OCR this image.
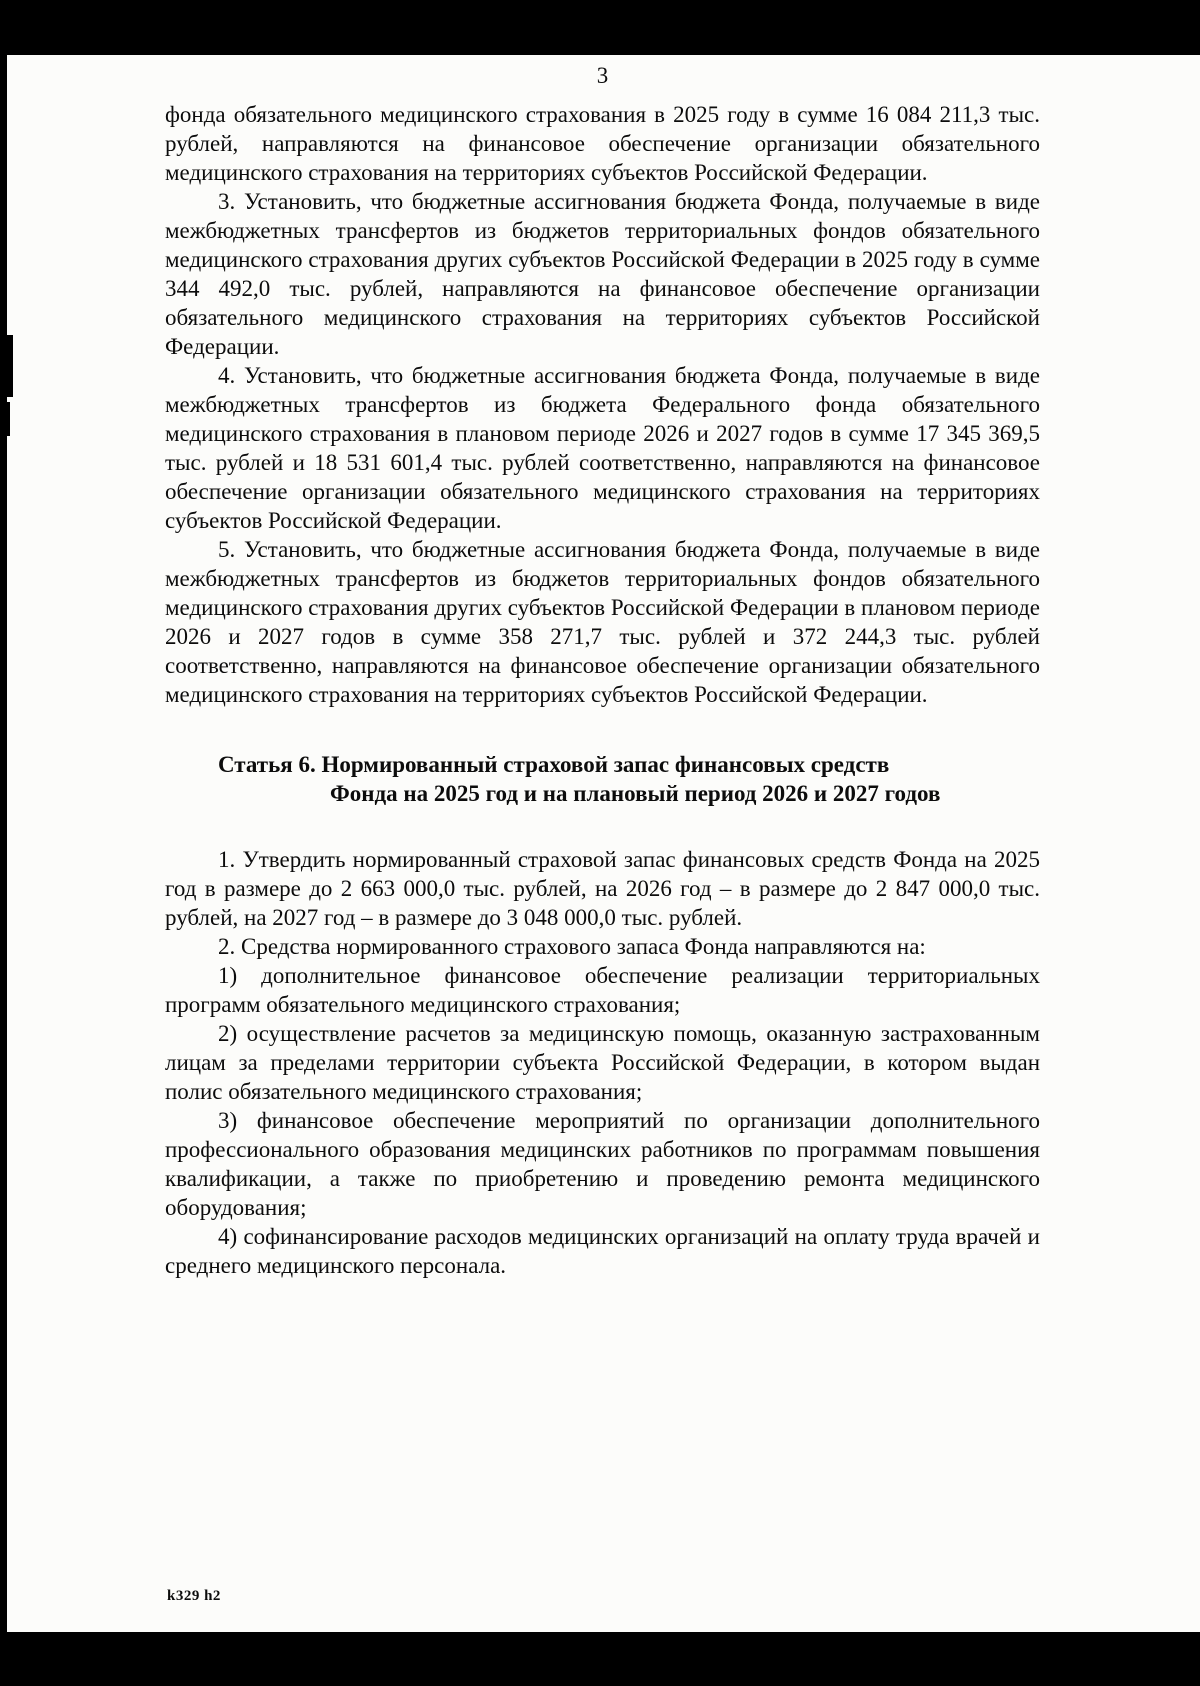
3

фонда обязательного медицинского страхования в 2025 году в сумме 16 084 211,3 тыс. рублей, направляются на финансовое обеспечение организации обязательного медицинского страхования на территориях субъектов Российской Федерации.

3. Установить, что бюджетные ассигнования бюджета Фонда, получаемые в виде межбюджетных трансфертов из бюджетов территориальных фондов обязательного медицинского страхования других субъектов Российской Федерации в 2025 году в сумме 344 492,0 тыс. рублей, направляются на финансовое обеспечение организации обязательного медицинского страхования на территориях субъектов Российской Федерации.

4. Установить, что бюджетные ассигнования бюджета Фонда, получаемые в виде межбюджетных трансфертов из бюджета Федерального фонда обязательного медицинского страхования в плановом периоде 2026 и 2027 годов в сумме 17 345 369,5 тыс. рублей и 18 531 601,4 тыс. рублей соответственно, направляются на финансовое обеспечение организации обязательного медицинского страхования на территориях субъектов Российской Федерации.

5. Установить, что бюджетные ассигнования бюджета Фонда, получаемые в виде межбюджетных трансфертов из бюджетов территориальных фондов обязательного медицинского страхования других субъектов Российской Федерации в плановом периоде 2026 и 2027 годов в сумме 358 271,7 тыс. рублей и 372 244,3 тыс. рублей соответственно, направляются на финансовое обеспечение организации обязательного медицинского страхования на территориях субъектов Российской Федерации.

Статья 6. Нормированный страховой запас финансовых средств
Фонда на 2025 год и на плановый период 2026 и 2027 годов

1. Утвердить нормированный страховой запас финансовых средств Фонда на 2025 год в размере до 2 663 000,0 тыс. рублей, на 2026 год – в размере до 2 847 000,0 тыс. рублей, на 2027 год – в размере до 3 048 000,0 тыс. рублей.

2. Средства нормированного страхового запаса Фонда направляются на:

1) дополнительное финансовое обеспечение реализации территориальных программ обязательного медицинского страхования;

2) осуществление расчетов за медицинскую помощь, оказанную застрахованным лицам за пределами территории субъекта Российской Федерации, в котором выдан полис обязательного медицинского страхования;

3) финансовое обеспечение мероприятий по организации дополнительного профессионального образования медицинских работников по программам повышения квалификации, а также по приобретению и проведению ремонта медицинского оборудования;

4) софинансирование расходов медицинских организаций на оплату труда врачей и среднего медицинского персонала.

k329 h2
